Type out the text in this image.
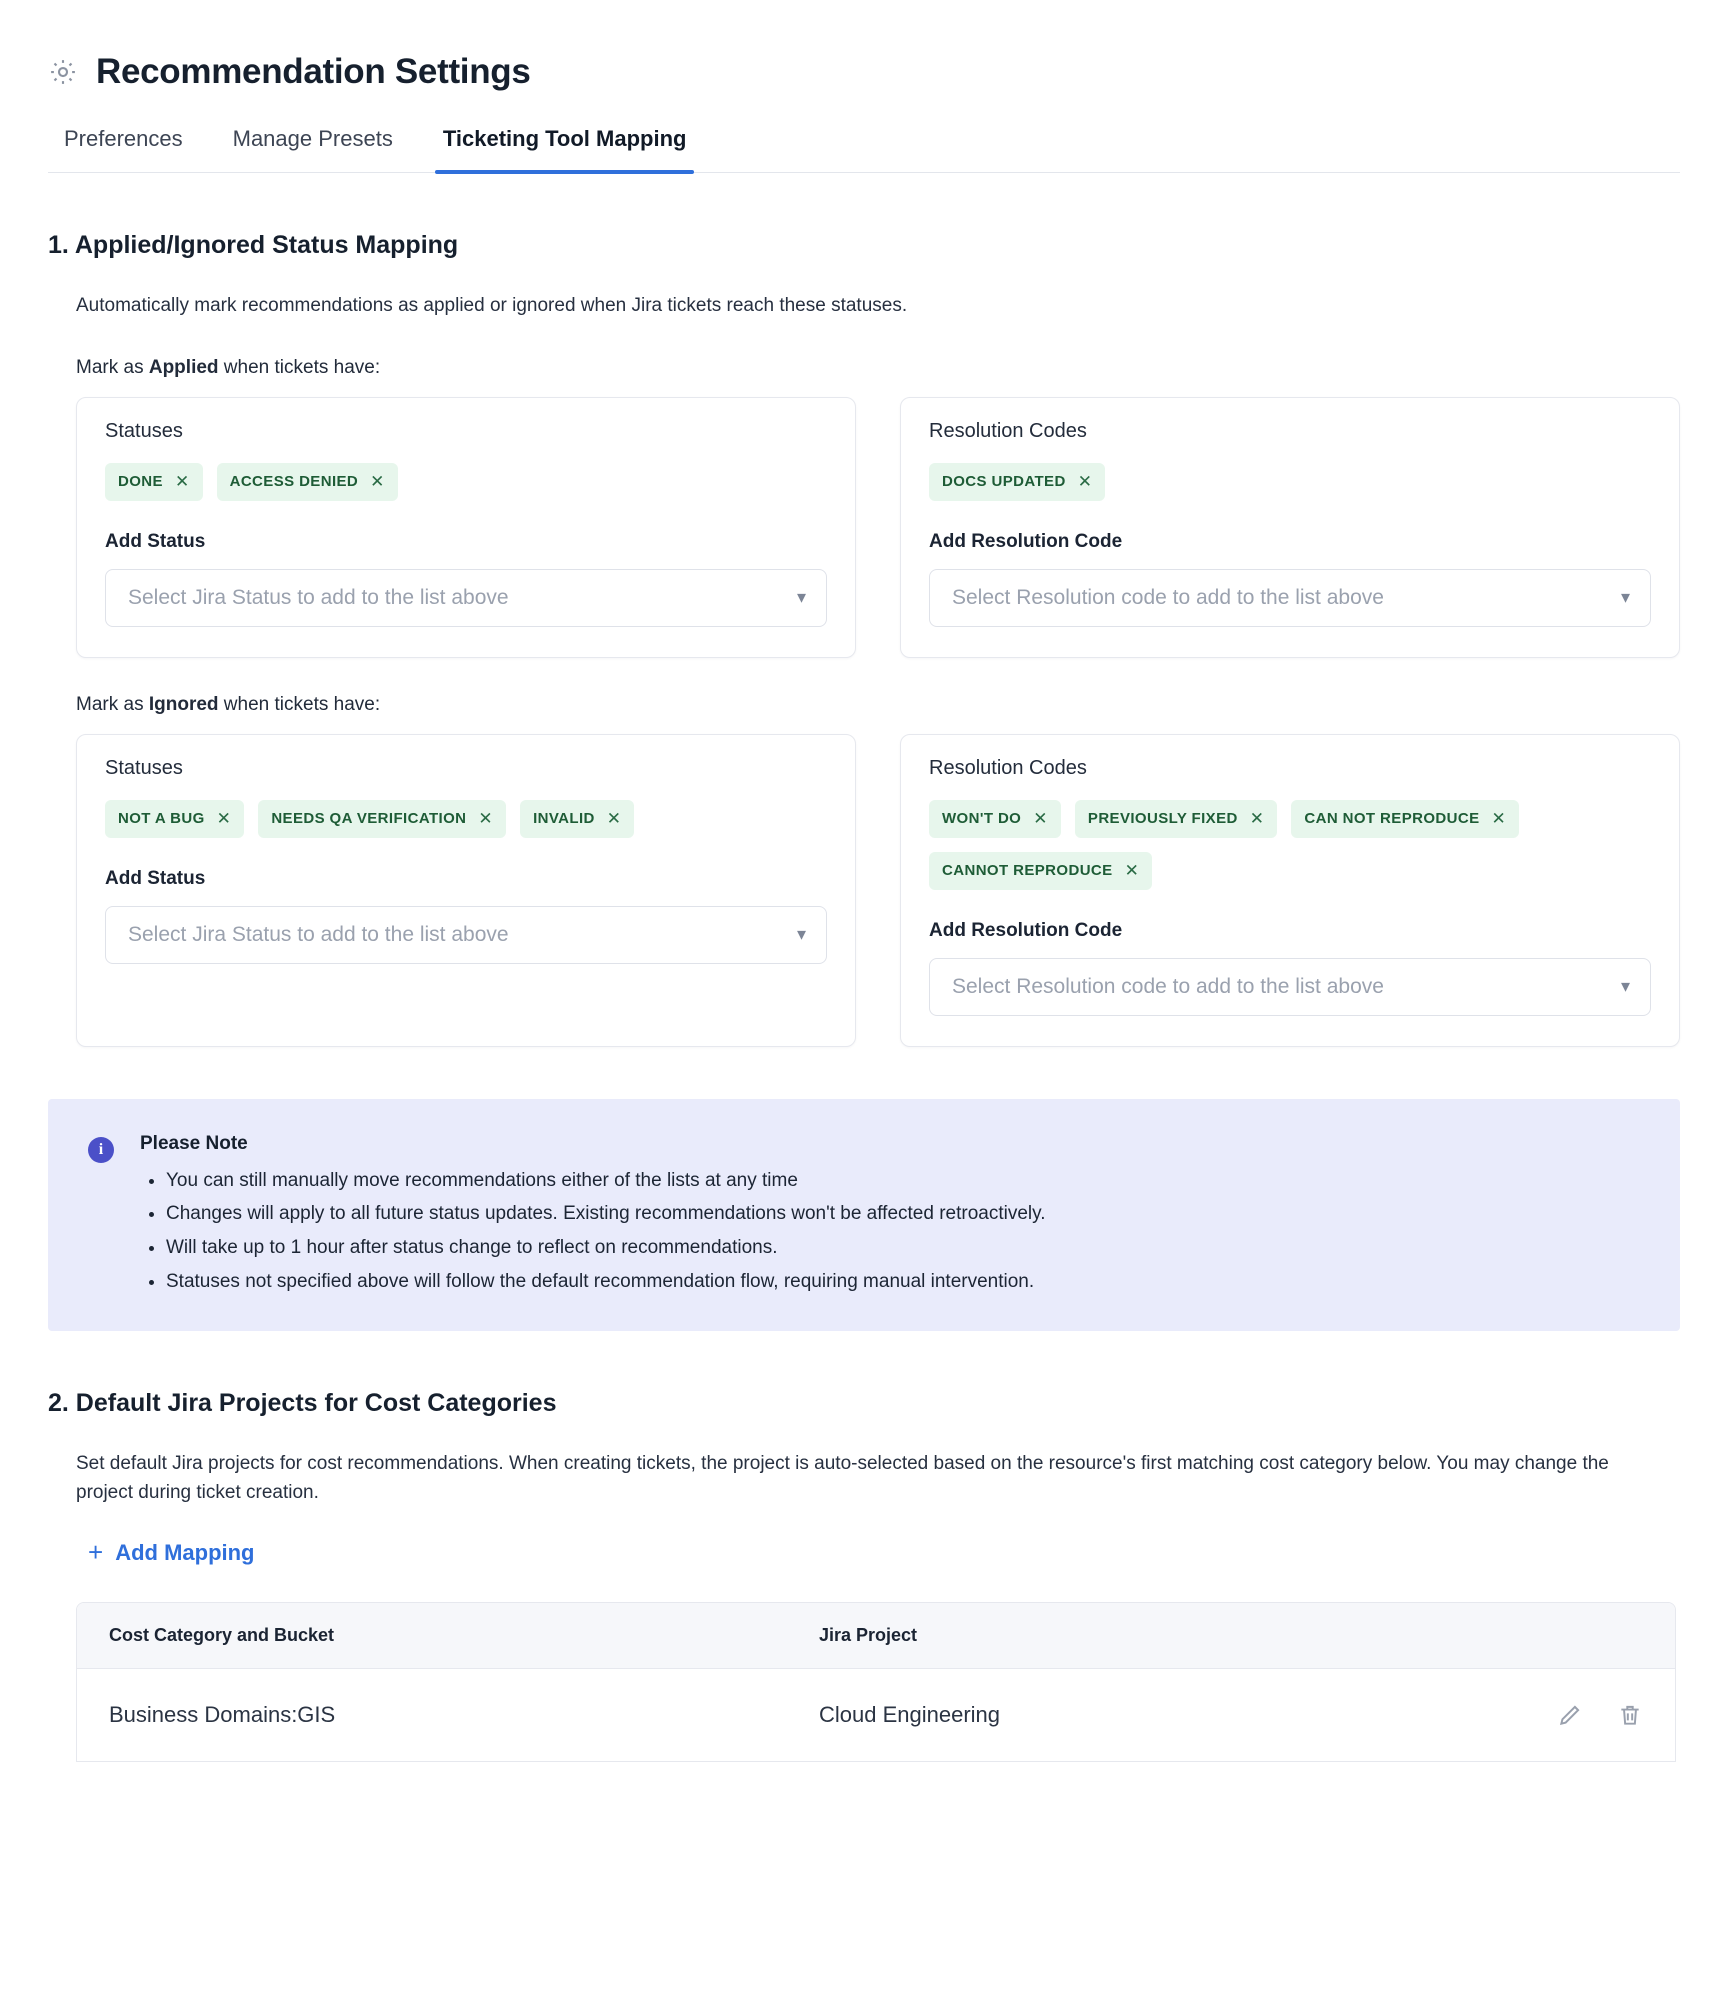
Recommendation Settings
Preferences Manage Presets Ticketing Tool Mapping
1. Applied/Ignored Status Mapping
Automatically mark recommendations as applied or ignored when Jira tickets reach these statuses.
Mark as Applied when tickets have:
Statuses
DONE ✕	ACCESS DENIED ✕
Add Status
Select Jira Status to add to the list above	▾
Resolution Codes
DOCS UPDATED ✕
Add Resolution Code
Select Resolution code to add to the list above	▾
Mark as Ignored when tickets have:
Statuses
NOT A BUG ✕	NEEDS QA VERIFICATION ✕	INVALID ✕
Add Status
Select Jira Status to add to the list above	▾
Resolution Codes
WON'T DO ✕	PREVIOUSLY FIXED ✕	CAN NOT REPRODUCE ✕
CANNOT REPRODUCE ✕
Add Resolution Code
Select Resolution code to add to the list above	▾
i	Please Note
• You can still manually move recommendations either of the lists at any time
• Changes will apply to all future status updates. Existing recommendations won't be affected retroactively.
• Will take up to 1 hour after status change to reflect on recommendations.
• Statuses not specified above will follow the default recommendation flow, requiring manual intervention.
2. Default Jira Projects for Cost Categories
Set default Jira projects for cost recommendations. When creating tickets, the project is auto-selected based on the resource's first matching cost category below. You may change the project during ticket creation.
+ Add Mapping
Cost Category and Bucket	Jira Project
Business Domains:GIS	Cloud Engineering
